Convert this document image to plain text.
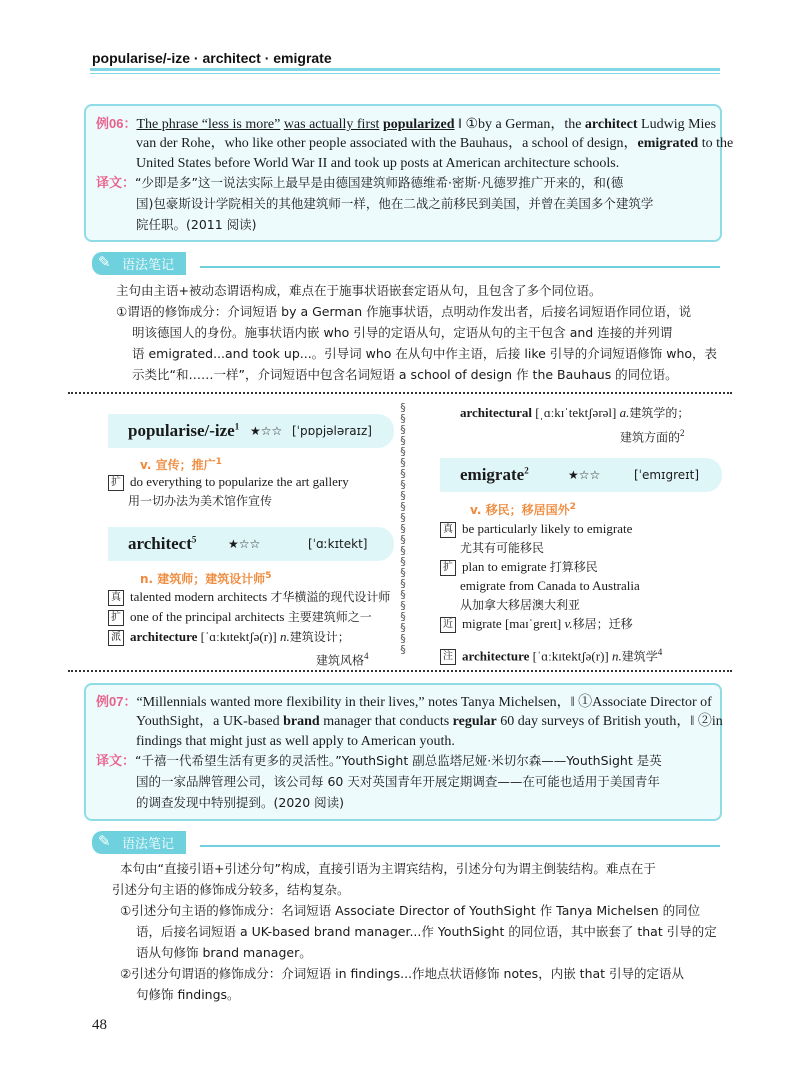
popularise/-ize · architect · emigrate
例06：The phrase “less is more” was actually first popularized ‖ ①by a German，the architect Ludwig Mies
van der Rohe，who like other people associated with the Bauhaus，a school of design，emigrated to the
United States before World War II and took up posts at American architecture schools.
译文：“少即是多”这一说法实际上最早是由德国建筑师路德维希·密斯·凡德罗推广开来的，和(德
国)包豪斯设计学院相关的其他建筑师一样，他在二战之前移民到美国，并曾在美国多个建筑学
院任职。(2011 阅读)
✎ 语法笔记
主句由主语+被动态谓语构成，难点在于施事状语嵌套定语从句，且包含了多个同位语。
①谓语的修饰成分：介词短语 by a German 作施事状语，点明动作发出者，后接名词短语作同位语，说
明该德国人的身份。施事状语内嵌 who 引导的定语从句，定语从句的主干包含 and 连接的并列谓
语 emigrated...and took up...。引导词 who 在从句中作主语，后接 like 引导的介词短语修饰 who，表
示类比“和……一样”，介词短语中包含名词短语 a school of design 作 the Bauhaus 的同位语。
§
§
§
§
§
§
§
§
§
§
§
§
§
§
§
§
§
§
§
§
§
§
§
popularise/-ize$^1$ ★☆☆ [ˈpɒpjələraɪz]
v. 宣传；推广$^1$
扩 do everything to popularize the art gallery
用一切办法为美术馆作宣传
architect$^5$	★☆☆	[ˈɑːkɪtekt]
n. 建筑师；建筑设计师$^5$
真 talented modern architects 才华横溢的现代设计师
扩 one of the principal architects 主要建筑师之一
派 architecture [ˈɑːkɪtektʃə(r)] n.建筑设计；
建筑风格$^4$
architectural [ˌɑːkɪˈtektʃərəl] a.建筑学的；
建筑方面的$^2$
emigrate$^2$	★☆☆	[ˈemɪgreɪt]
v. 移民；移居国外$^2$
真 be particularly likely to emigrate
尤其有可能移民
扩 plan to emigrate 打算移民
emigrate from Canada to Australia
从加拿大移居澳大利亚
近 migrate [maɪˈgreɪt] v.移居；迁移
注 architecture [ˈɑːkɪtektʃə(r)] n.建筑学$^4$
例07：“Millennials wanted more flexibility in their lives,” notes Tanya Michelsen，‖ ①Associate Director of
YouthSight，a UK-based brand manager that conducts regular 60 day surveys of British youth，‖ ②in
findings that might just as well apply to American youth.
译文：“千禧一代希望生活有更多的灵活性。”YouthSight 副总监塔尼娅·米切尔森——YouthSight 是英
国的一家品牌管理公司，该公司每 60 天对英国青年开展定期调查——在可能也适用于美国青年
的调查发现中特别提到。(2020 阅读)
✎ 语法笔记
本句由“直接引语+引述分句”构成，直接引语为主谓宾结构，引述分句为谓主倒装结构。难点在于
引述分句主语的修饰成分较多，结构复杂。
①引述分句主语的修饰成分：名词短语 Associate Director of YouthSight 作 Tanya Michelsen 的同位
语，后接名词短语 a UK-based brand manager...作 YouthSight 的同位语，其中嵌套了 that 引导的定
语从句修饰 brand manager。
②引述分句谓语的修饰成分：介词短语 in findings...作地点状语修饰 notes，内嵌 that 引导的定语从
句修饰 findings。
48
